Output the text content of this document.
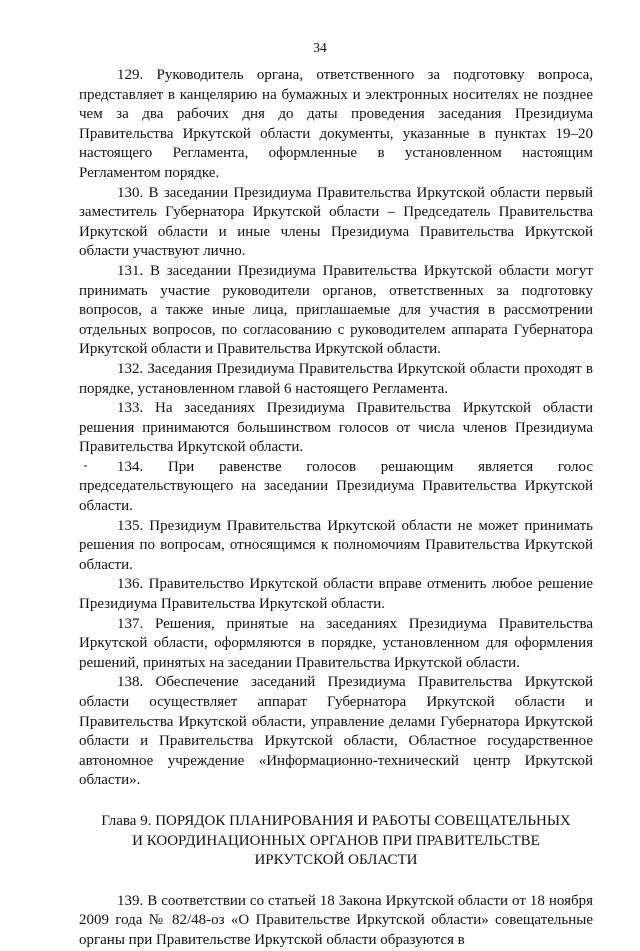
34

129. Руководитель органа, ответственного за подготовку вопроса, представляет в канцелярию на бумажных и электронных носителях не позднее чем за два рабочих дня до даты проведения заседания Президиума Правительства Иркутской области документы, указанные в пунктах 19–20 настоящего Регламента, оформленные в установленном настоящим Регламентом порядке.

130. В заседании Президиума Правительства Иркутской области первый заместитель Губернатора Иркутской области – Председатель Правительства Иркутской области и иные члены Президиума Правительства Иркутской области участвуют лично.

131. В заседании Президиума Правительства Иркутской области могут принимать участие руководители органов, ответственных за подготовку вопросов, а также иные лица, приглашаемые для участия в рассмотрении отдельных вопросов, по согласованию с руководителем аппарата Губернатора Иркутской области и Правительства Иркутской области.

132. Заседания Президиума Правительства Иркутской области проходят в порядке, установленном главой 6 настоящего Регламента.

133. На заседаниях Президиума Правительства Иркутской области решения принимаются большинством голосов от числа членов Президиума Правительства Иркутской области.

134. При равенстве голосов решающим является голос председательствующего на заседании Президиума Правительства Иркутской области.

135. Президиум Правительства Иркутской области не может принимать решения по вопросам, относящимся к полномочиям Правительства Иркутской области.

136. Правительство Иркутской области вправе отменить любое решение Президиума Правительства Иркутской области.

137. Решения, принятые на заседаниях Президиума Правительства Иркутской области, оформляются в порядке, установленном для оформления решений, принятых на заседании Правительства Иркутской области.

138. Обеспечение заседаний Президиума Правительства Иркутской области осуществляет аппарат Губернатора Иркутской области и Правительства Иркутской области, управление делами Губернатора Иркутской области и Правительства Иркутской области, Областное государственное автономное учреждение «Информационно-технический центр Иркутской области».

Глава 9. ПОРЯДОК ПЛАНИРОВАНИЯ И РАБОТЫ СОВЕЩАТЕЛЬНЫХ
И КООРДИНАЦИОННЫХ ОРГАНОВ ПРИ ПРАВИТЕЛЬСТВЕ
ИРКУТСКОЙ ОБЛАСТИ

139. В соответствии со статьей 18 Закона Иркутской области от 18 ноября 2009 года № 82/48-оз «О Правительстве Иркутской области» совещательные органы при Правительстве Иркутской области образуются в
